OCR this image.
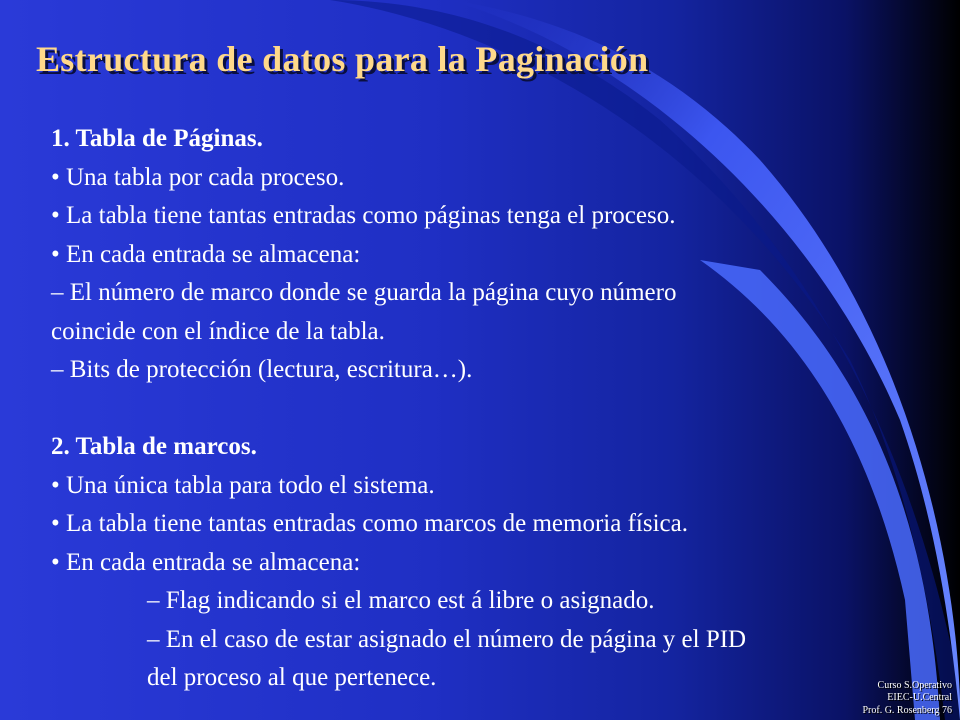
Estructura de datos para la Paginación
1. Tabla de Páginas.
• Una tabla por cada proceso.
• La tabla tiene tantas entradas como páginas tenga el proceso.
• En cada entrada se almacena:
– El número de marco donde se guarda la página cuyo número
coincide con el índice de la tabla.
– Bits de protección (lectura, escritura…).
2. Tabla de marcos.
• Una única tabla para todo el sistema.
• La tabla tiene tantas entradas como marcos de memoria física.
• En cada entrada se almacena:
– Flag indicando si el marco est á libre o asignado.
– En el caso de estar asignado el número de página y el PID
del proceso al que pertenece.	Curso S.Operativo
EIEC-U.Central
Prof. G. Rosenberg 76
